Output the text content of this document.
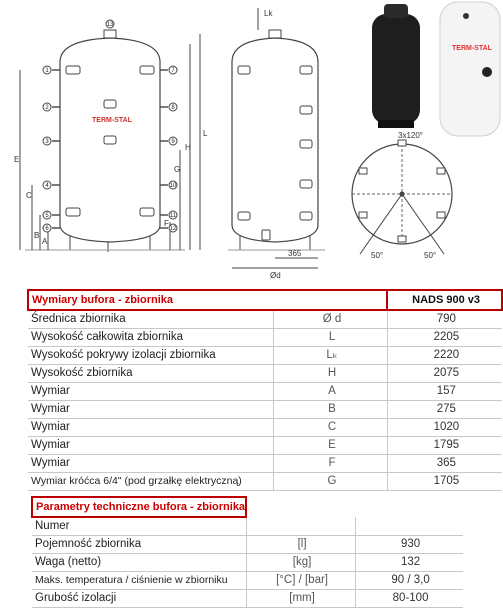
1
2
3
4
5
6
7
8
9
10
11
12
13
TERM-STAL
E
C
B
A
L
H
G
F
Lk
Ød
365
TERM-STAL
3x120°
50°	50°
Wymiary bufora - zbiornika		NADS 900 v3
Średnica zbiornika	Ø d	790
Wysokość całkowita zbiornika	L	2205
Wysokość pokrywy izolacji zbiornika	Lₖ	2220
Wysokość zbiornika	H	2075
Wymiar	A	157
Wymiar	B	275
Wymiar	C	1020
Wymiar	E	1795
Wymiar	F	365
Wymiar króćca 6/4" (pod grzałkę elektryczną)	G	1705
Parametry techniczne bufora - zbiornika		
Numer		
Pojemność zbiornika	[l]	930
Waga (netto)	[kg]	132
Maks. temperatura / ciśnienie w zbiorniku	[°C] / [bar]	90 / 3,0
Grubość izolacji	[mm]	80-100
